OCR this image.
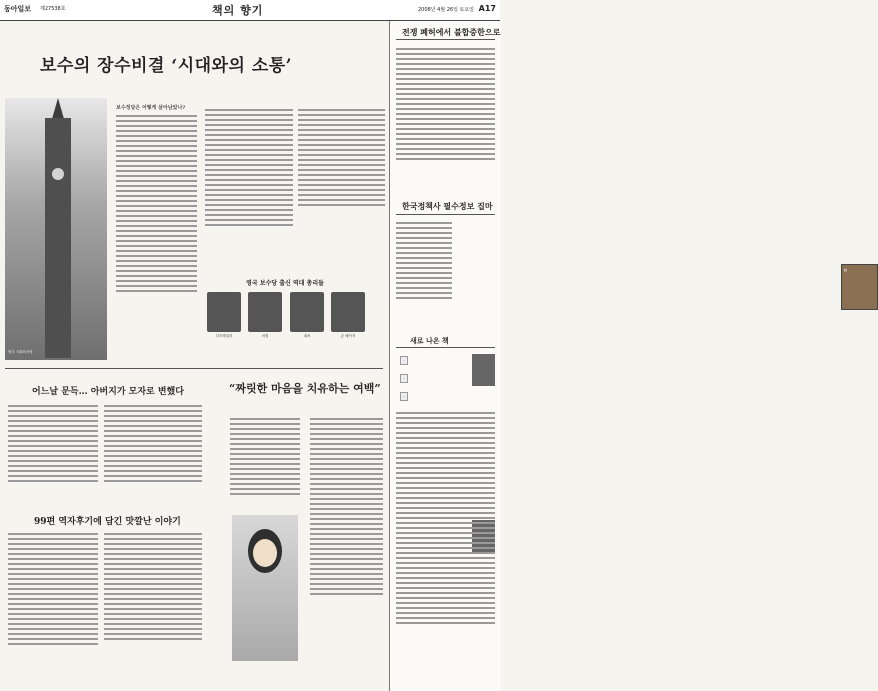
동아일보 제27538호	책의 향기	2008년 4월 26일 토요일 A17
보수의 장수비결 ‘시대와의 소통’
영국 국회의사당
보수정당은 어떻게 살아남았나?
영국 보수당 출신 역대 총리들
디즈레일리	처칠	대처	존 메이저
어느날 문득… 아버지가 모자로 변했다
99편 역자후기에 담긴 맛깔난 이야기
“짜릿한 마음을 치유하는 여백”
전쟁 폐허에서 불합중한으로
한국정책사 필수정보 집마
⌑
새로 나온 책
◦
◦
◦
